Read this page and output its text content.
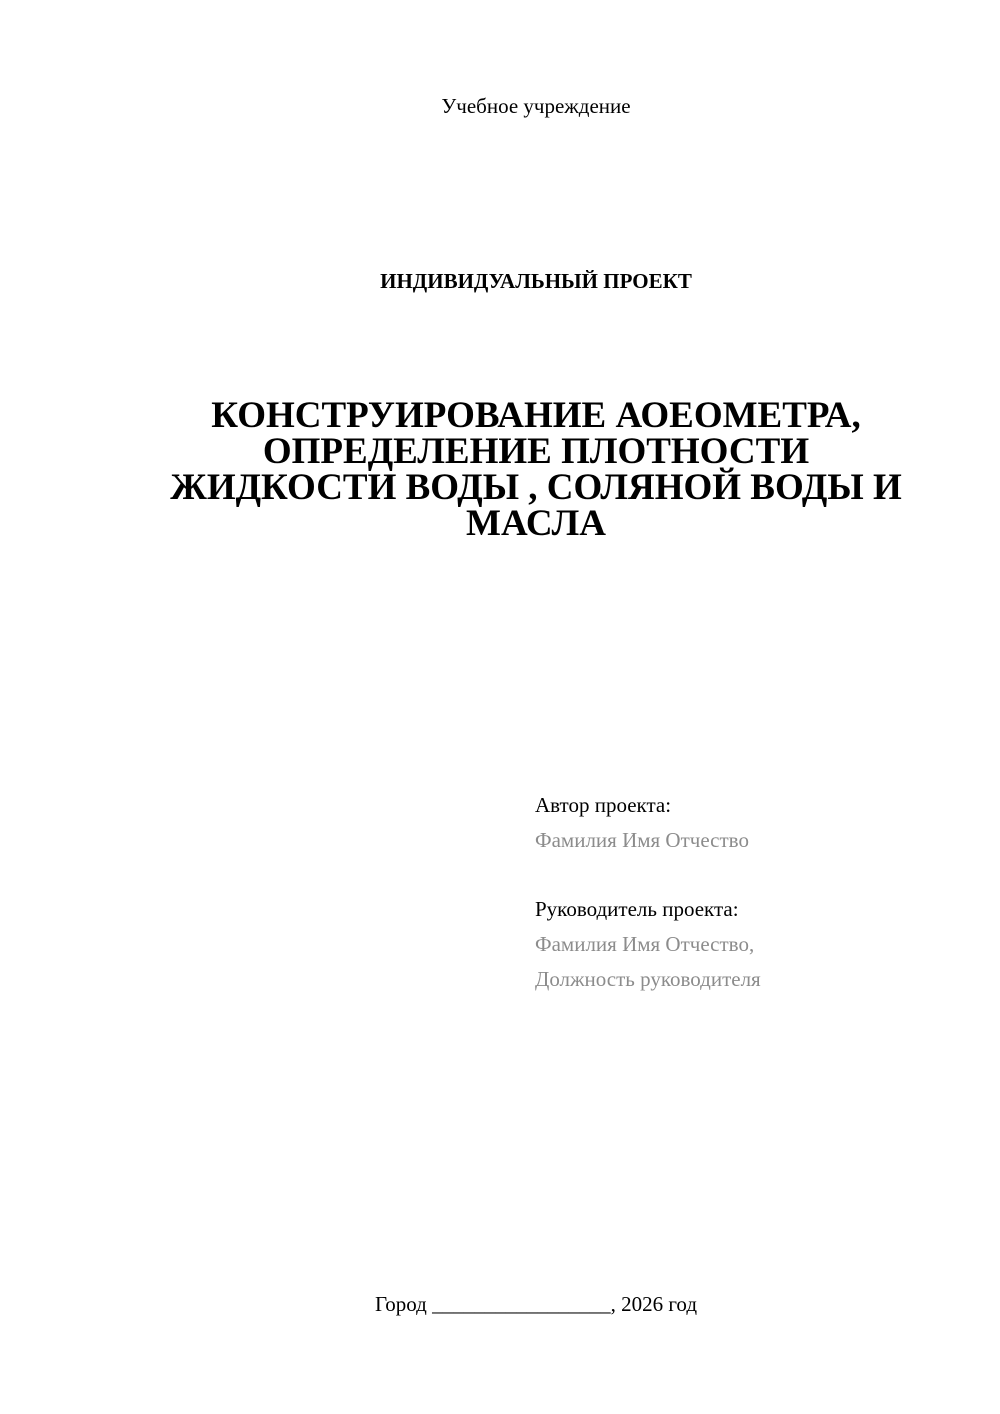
Учебное учреждение
ИНДИВИДУАЛЬНЫЙ ПРОЕКТ
КОНСТРУИРОВАНИЕ АОЕОМЕТРА,
ОПРЕДЕЛЕНИЕ ПЛОТНОСТИ
ЖИДКОСТИ ВОДЫ , СОЛЯНОЙ ВОДЫ И
МАСЛА
Автор проекта:
Фамилия Имя Отчество
Руководитель проекта:
Фамилия Имя Отчество,
Должность руководителя
Город _________________, 2026 год
